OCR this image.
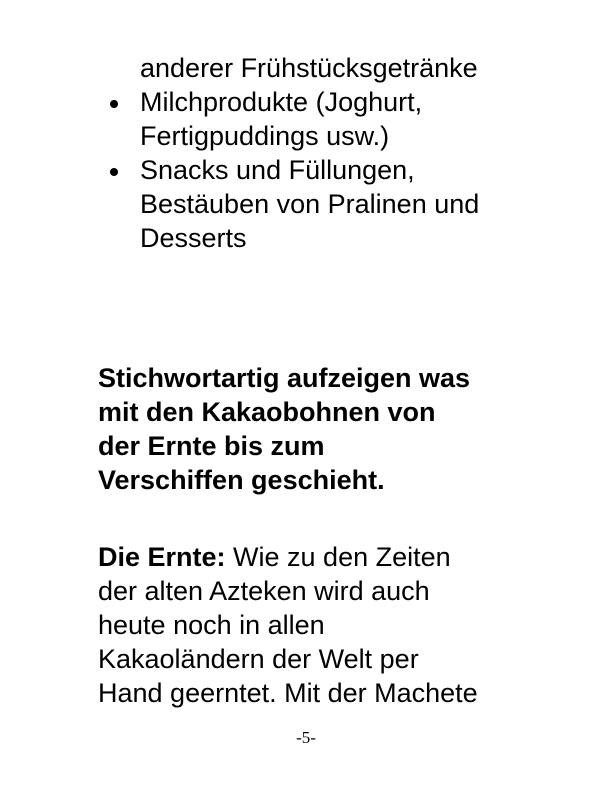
anderer Frühstücksgetränke
Milchprodukte (Joghurt,
Fertigpuddings usw.)
Snacks und Füllungen,
Bestäuben von Pralinen und
Desserts
Stichwortartig aufzeigen was
mit den Kakaobohnen von
der Ernte bis zum
Verschiffen geschieht.

Die Ernte: Wie zu den Zeiten
der alten Azteken wird auch
heute noch in allen
Kakaoländern der Welt per
Hand geerntet. Mit der Machete

-5-
